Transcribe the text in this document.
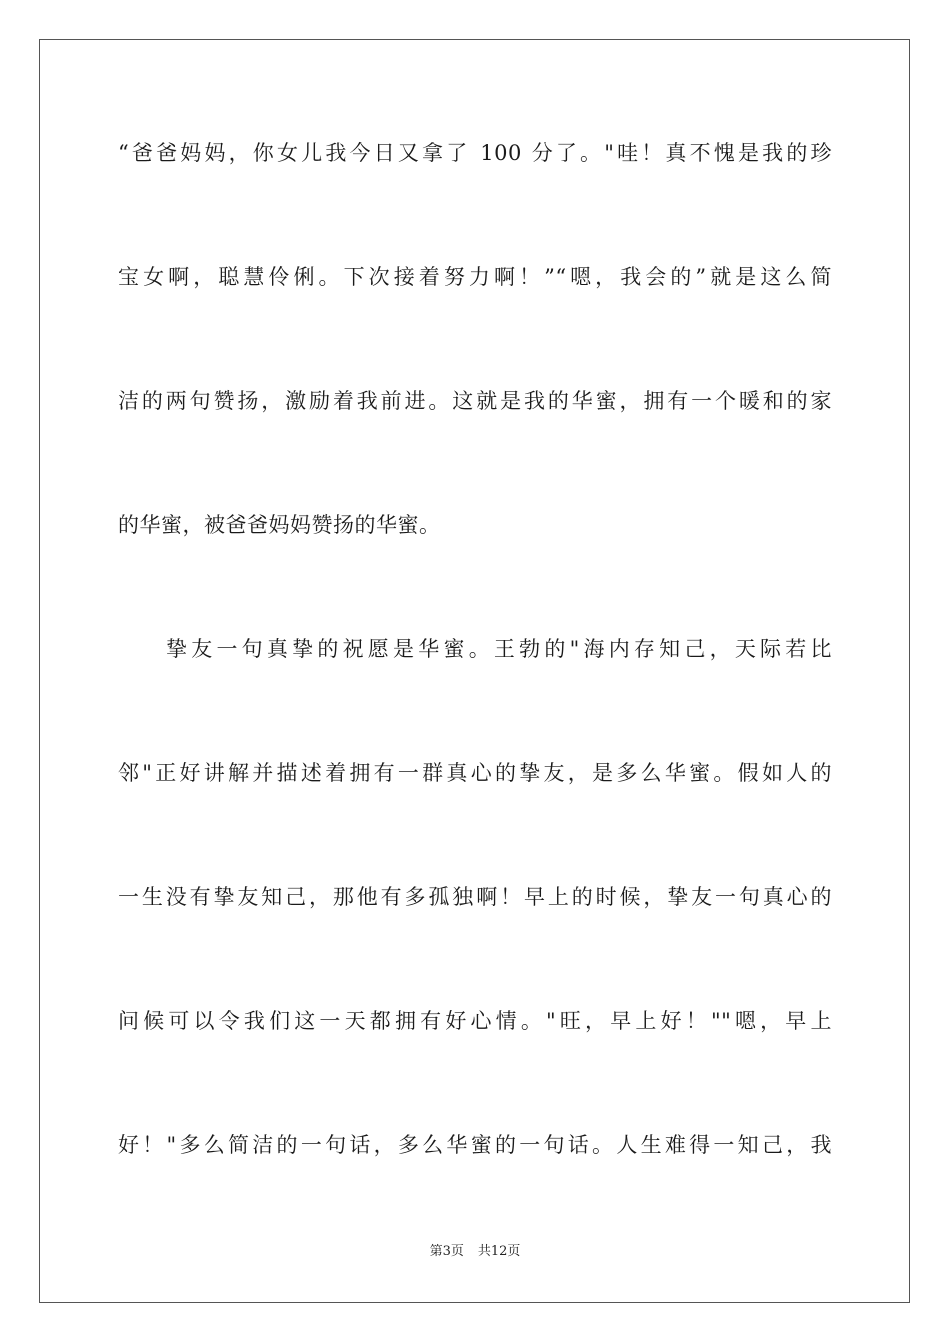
“爸爸妈妈，你女儿我今日又拿了 100 分了。"哇！真不愧是我的珍
宝女啊，聪慧伶俐。下次接着努力啊！”“嗯，我会的”就是这么简
洁的两句赞扬，激励着我前进。这就是我的华蜜，拥有一个暖和的家
的华蜜，被爸爸妈妈赞扬的华蜜。
挚友一句真挚的祝愿是华蜜。王勃的"海内存知己，天际若比
邻"正好讲解并描述着拥有一群真心的挚友，是多么华蜜。假如人的
一生没有挚友知己，那他有多孤独啊！早上的时候，挚友一句真心的
问候可以令我们这一天都拥有好心情。"旺，早上好！""嗯，早上
好！"多么简洁的一句话，多么华蜜的一句话。人生难得一知己，我
第3页 共12页
